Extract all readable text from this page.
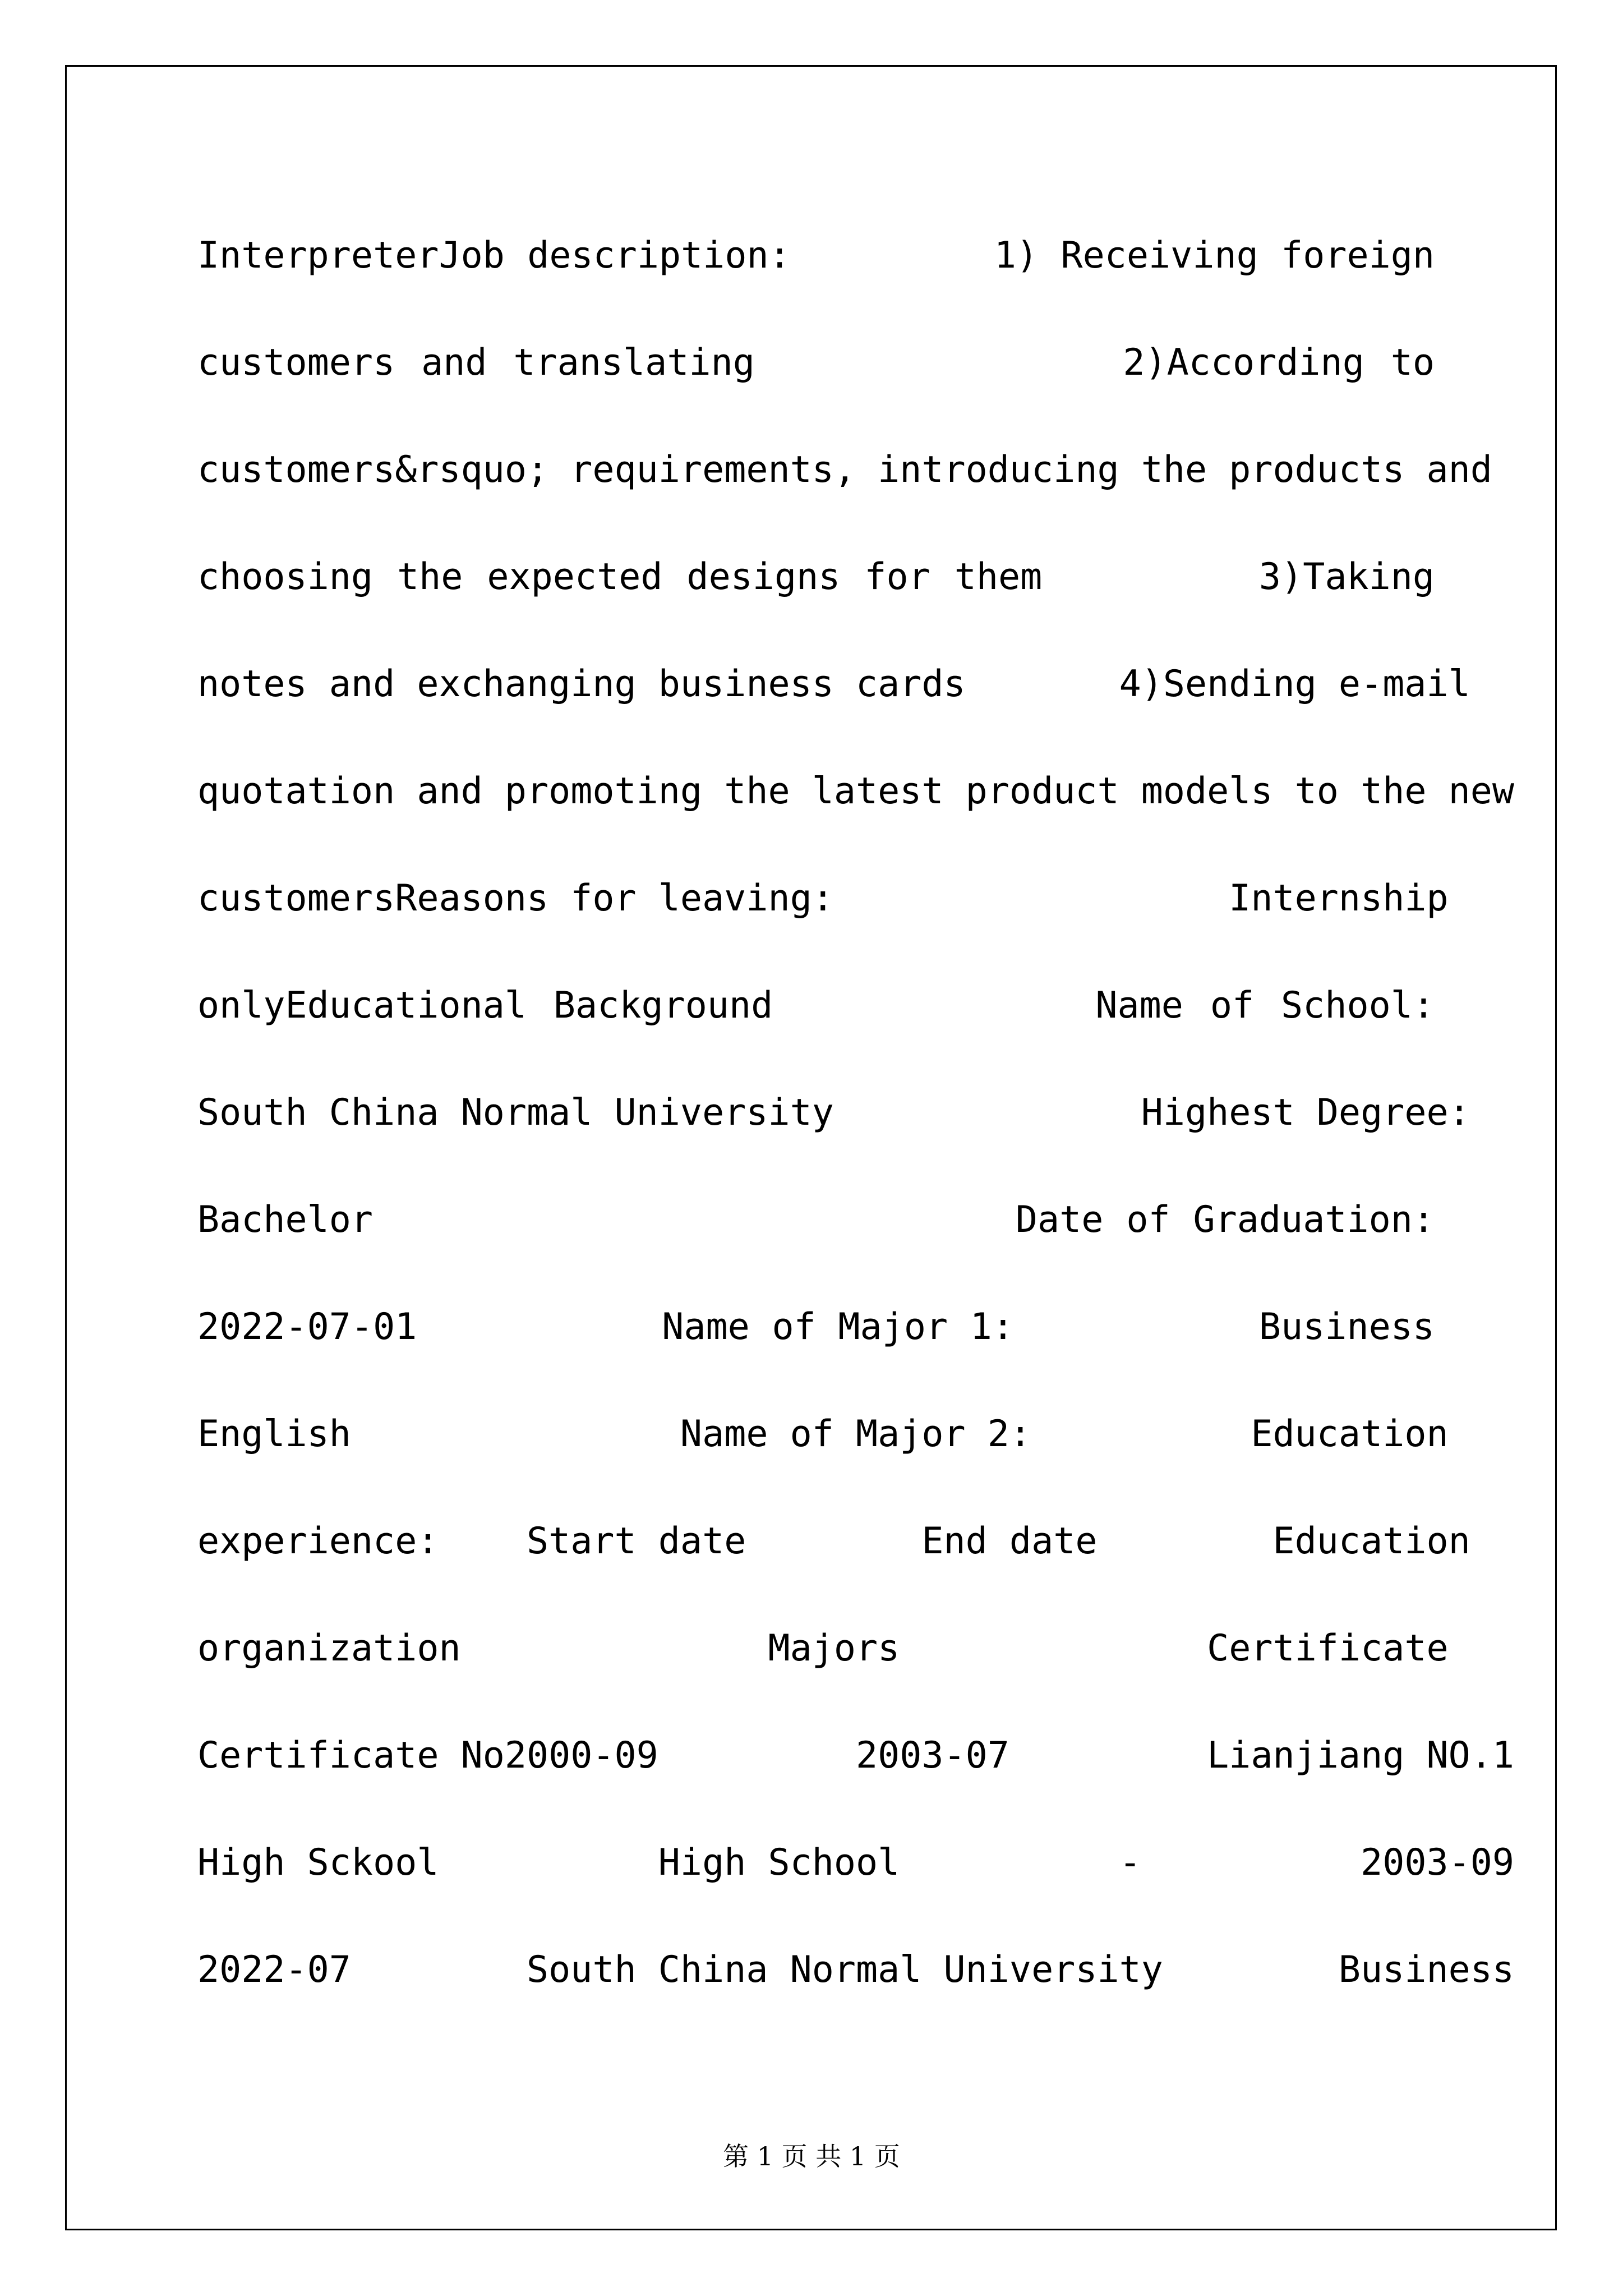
InterpreterJob description:         1) Receiving foreign
customers and translating              2)According to
customers&rsquo; requirements, introducing the products and
choosing the expected designs for them         3)Taking
notes and exchanging business cards       4)Sending e-mail
quotation and promoting the latest product models to the new
customersReasons for leaving:                  Internship
onlyEducational Background            Name of School:
South China Normal University              Highest Degree:
Bachelor                            Date of Graduation:
2022-07-01           Name of Major 1:           Business
English               Name of Major 2:          Education
experience:    Start date        End date        Education
organization              Majors              Certificate
Certificate No2000-09         2003-07         Lianjiang NO.1
High Sckool          High School          -          2003-09
2022-07        South China Normal University        Business
第 1 页 共 1 页
